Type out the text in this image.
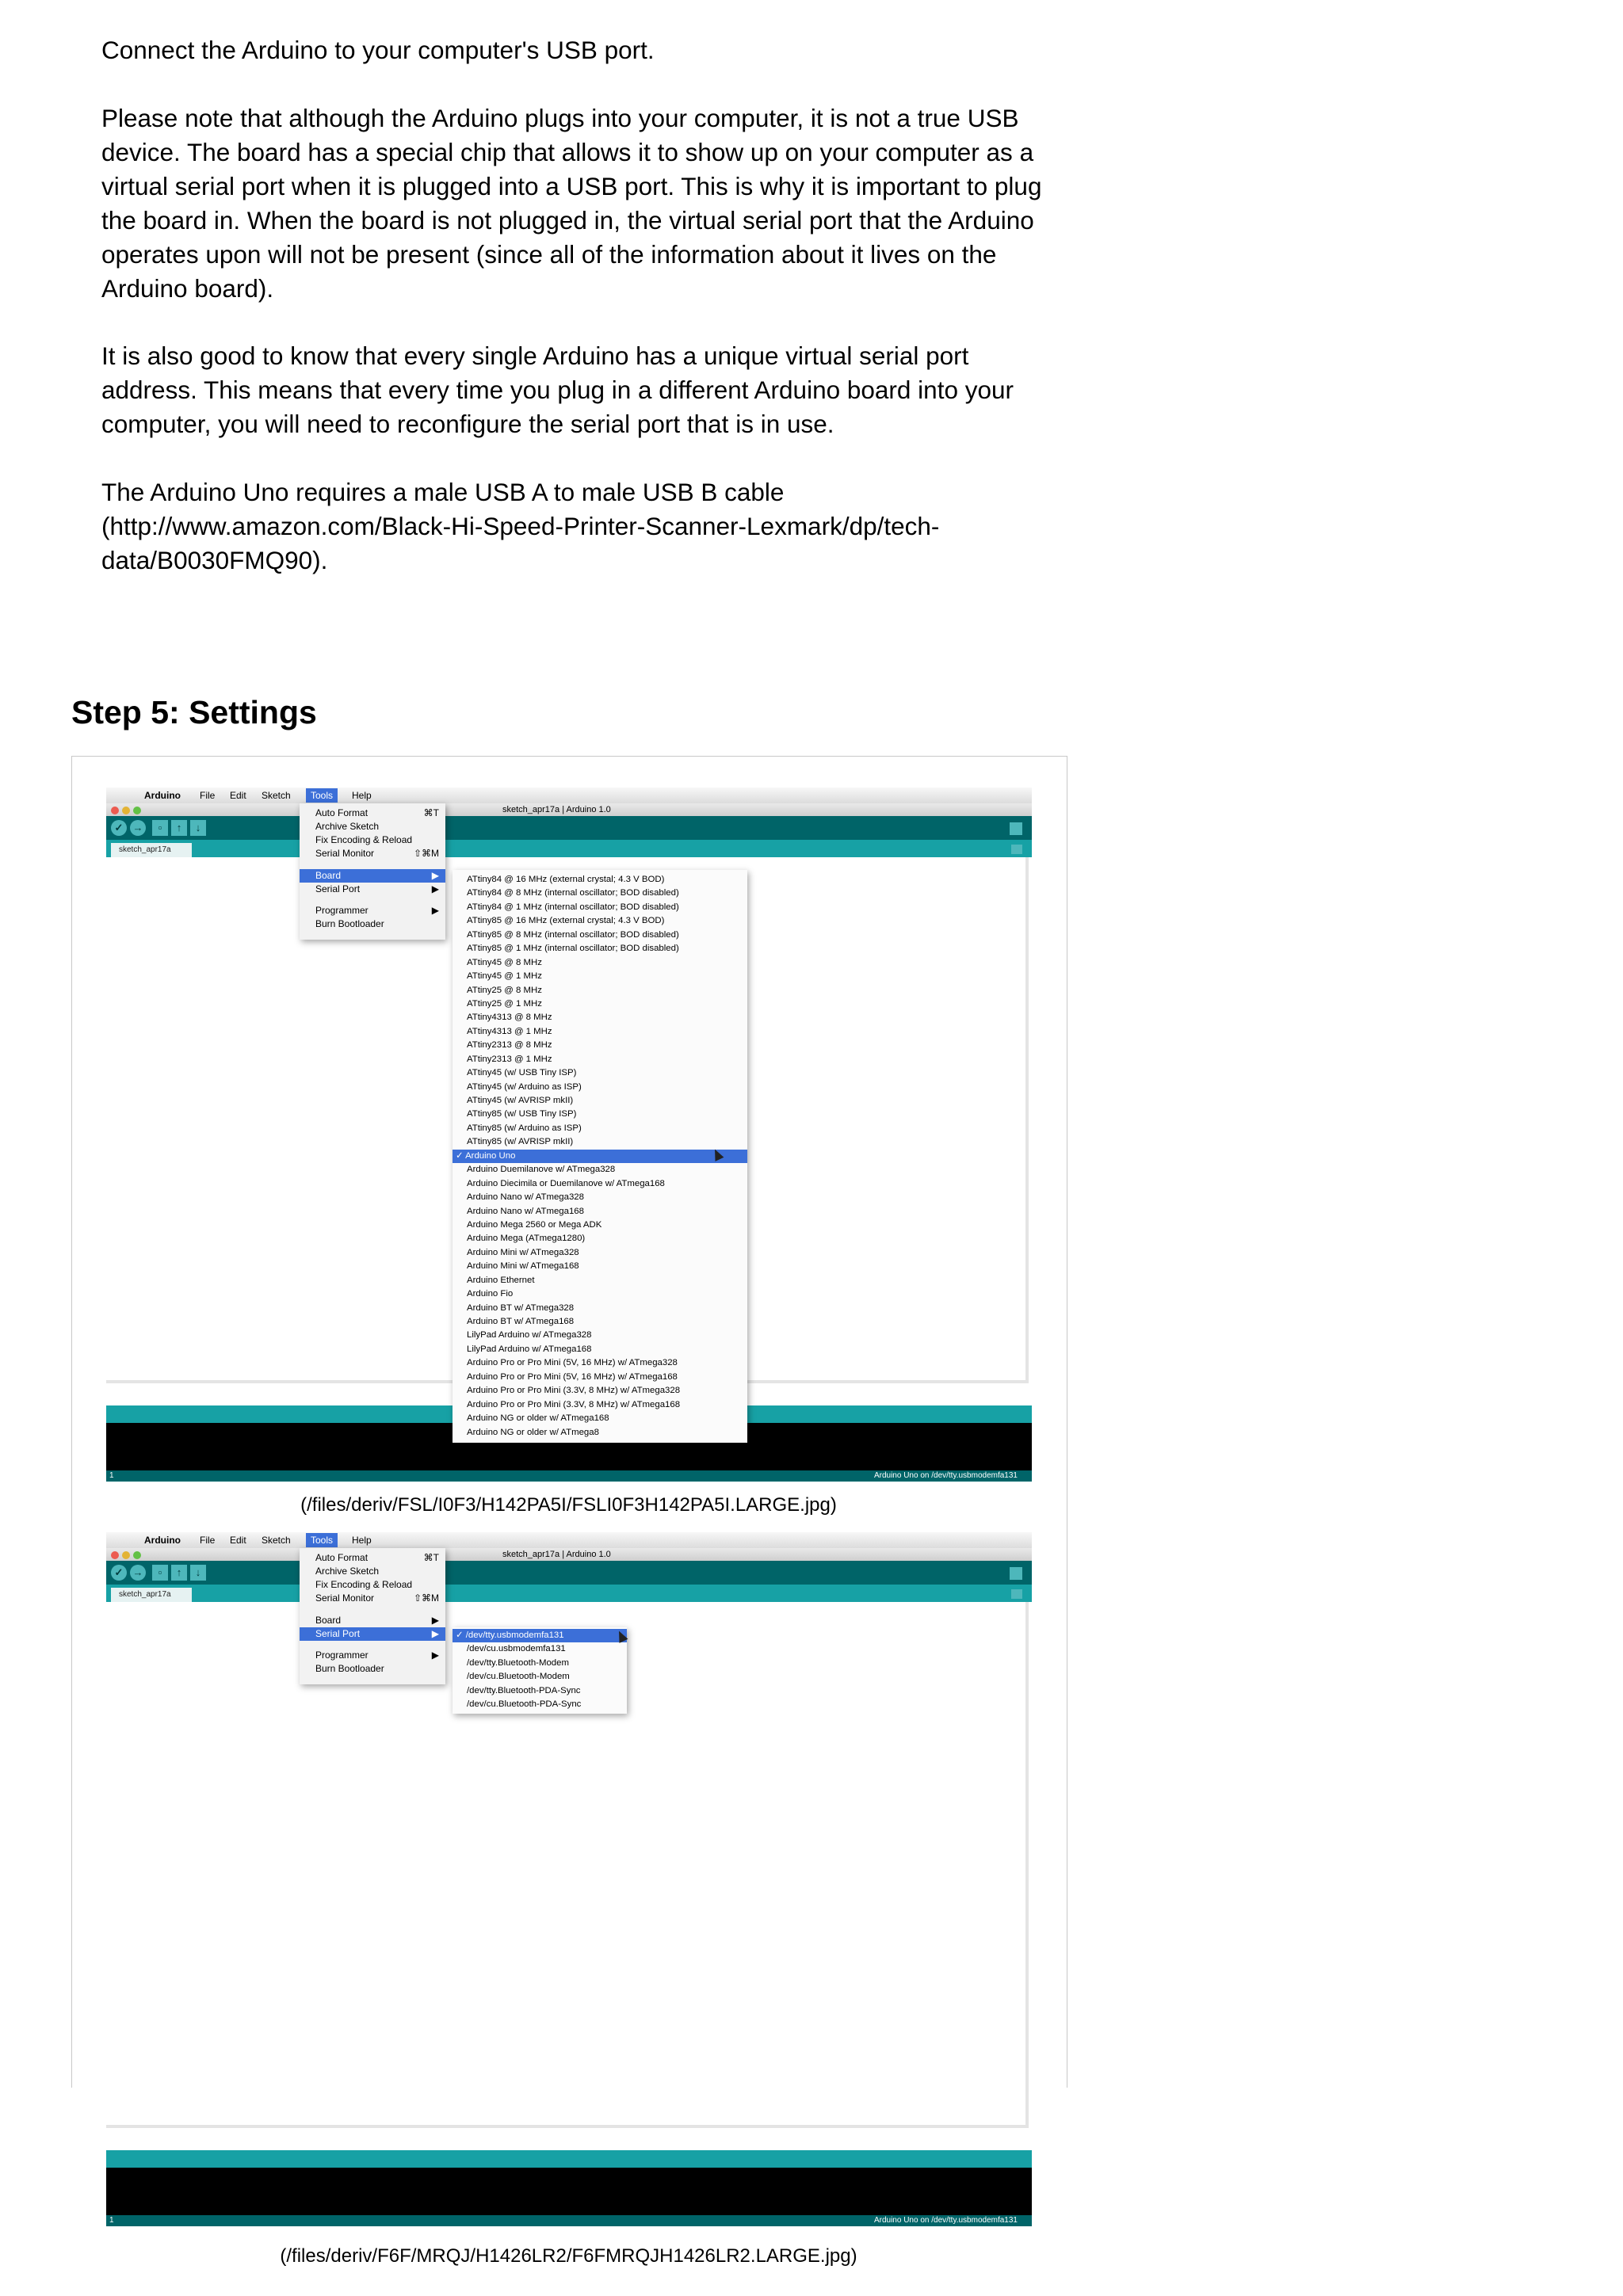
Connect the Arduino to your computer's USB port.

Please note that although the Arduino plugs into your computer, it is not a true USB device. The board has a special chip that allows it to show up on your computer as a virtual serial port when it is plugged into a USB port. This is why it is important to plug the board in. When the board is not plugged in, the virtual serial port that the Arduino operates upon will not be present (since all of the information about it lives on the Arduino board).

It is also good to know that every single Arduino has a unique virtual serial port address. This means that every time you plug in a different Arduino board into your computer, you will need to reconfigure the serial port that is in use.

The Arduino Uno requires a male USB A to male USB B cable (http://www.amazon.com/Black-Hi-Speed-Printer-Scanner-Lexmark/dp/tech-data/B0030FMQ90).

Step 5: Settings
Arduino File Edit Sketch	Tools	Help
sketch_apr17a | Arduino 1.0
✓ →	▫	↑	↓
sketch_apr17a
1	Arduino Uno on /dev/tty.usbmodemfa131
Auto Format	⌘T
Archive Sketch
Fix Encoding & Reload
Serial Monitor	⇧⌘M
Board	▶
Serial Port	▶
Programmer	▶
Burn Bootloader
ATtiny84 @ 16 MHz (external crystal; 4.3 V BOD)
ATtiny84 @ 8 MHz (internal oscillator; BOD disabled)
ATtiny84 @ 1 MHz (internal oscillator; BOD disabled)
ATtiny85 @ 16 MHz (external crystal; 4.3 V BOD)
ATtiny85 @ 8 MHz (internal oscillator; BOD disabled)
ATtiny85 @ 1 MHz (internal oscillator; BOD disabled)
ATtiny45 @ 8 MHz
ATtiny45 @ 1 MHz
ATtiny25 @ 8 MHz
ATtiny25 @ 1 MHz
ATtiny4313 @ 8 MHz
ATtiny4313 @ 1 MHz
ATtiny2313 @ 8 MHz
ATtiny2313 @ 1 MHz
ATtiny45 (w/ USB Tiny ISP)
ATtiny45 (w/ Arduino as ISP)
ATtiny45 (w/ AVRISP mkII)
ATtiny85 (w/ USB Tiny ISP)
ATtiny85 (w/ Arduino as ISP)
ATtiny85 (w/ AVRISP mkII)
✓ Arduino Uno
Arduino Duemilanove w/ ATmega328
Arduino Diecimila or Duemilanove w/ ATmega168
Arduino Nano w/ ATmega328
Arduino Nano w/ ATmega168
Arduino Mega 2560 or Mega ADK
Arduino Mega (ATmega1280)
Arduino Mini w/ ATmega328
Arduino Mini w/ ATmega168
Arduino Ethernet
Arduino Fio
Arduino BT w/ ATmega328
Arduino BT w/ ATmega168
LilyPad Arduino w/ ATmega328
LilyPad Arduino w/ ATmega168
Arduino Pro or Pro Mini (5V, 16 MHz) w/ ATmega328
Arduino Pro or Pro Mini (5V, 16 MHz) w/ ATmega168
Arduino Pro or Pro Mini (3.3V, 8 MHz) w/ ATmega328
Arduino Pro or Pro Mini (3.3V, 8 MHz) w/ ATmega168
Arduino NG or older w/ ATmega168
Arduino NG or older w/ ATmega8
(/files/deriv/FSL/I0F3/H142PA5I/FSLI0F3H142PA5I.LARGE.jpg)
Arduino File Edit Sketch	Tools	Help
sketch_apr17a | Arduino 1.0
✓ →	▫	↑	↓
sketch_apr17a
1	Arduino Uno on /dev/tty.usbmodemfa131
Auto Format	⌘T
Archive Sketch
Fix Encoding & Reload
Serial Monitor	⇧⌘M
Board	▶
Serial Port	▶
Programmer	▶
Burn Bootloader
✓ /dev/tty.usbmodemfa131
/dev/cu.usbmodemfa131
/dev/tty.Bluetooth-Modem
/dev/cu.Bluetooth-Modem
/dev/tty.Bluetooth-PDA-Sync
/dev/cu.Bluetooth-PDA-Sync
(/files/deriv/F6F/MRQJ/H1426LR2/F6FMRQJH1426LR2.LARGE.jpg)
